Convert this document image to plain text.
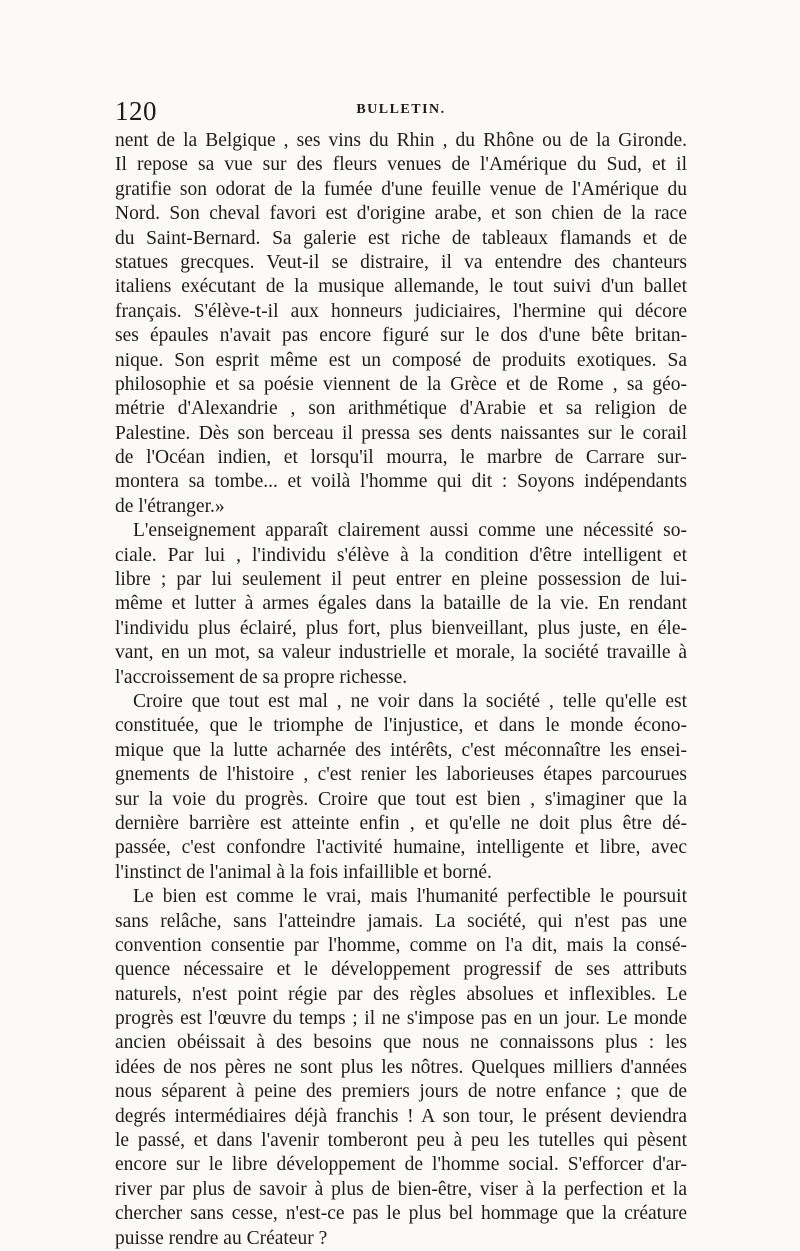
120	BULLETIN.
nent de la Belgique , ses vins du Rhin , du Rhône ou de la Gironde.
Il repose sa vue sur des fleurs venues de l'Amérique du Sud, et il
gratifie son odorat de la fumée d'une feuille venue de l'Amérique du
Nord. Son cheval favori est d'origine arabe, et son chien de la race
du Saint-Bernard. Sa galerie est riche de tableaux flamands et de
statues grecques. Veut-il se distraire, il va entendre des chanteurs
italiens exécutant de la musique allemande, le tout suivi d'un ballet
français. S'élève-t-il aux honneurs judiciaires, l'hermine qui décore
ses épaules n'avait pas encore figuré sur le dos d'une bête britan-
nique. Son esprit même est un composé de produits exotiques. Sa
philosophie et sa poésie viennent de la Grèce et de Rome , sa géo-
métrie d'Alexandrie , son arithmétique d'Arabie et sa religion de
Palestine. Dès son berceau il pressa ses dents naissantes sur le corail
de l'Océan indien, et lorsqu'il mourra, le marbre de Carrare sur-
montera sa tombe... et voilà l'homme qui dit : Soyons indépendants
de l'étranger.»
L'enseignement apparaît clairement aussi comme une nécessité so-
ciale. Par lui , l'individu s'élève à la condition d'être intelligent et
libre ; par lui seulement il peut entrer en pleine possession de lui-
même et lutter à armes égales dans la bataille de la vie. En rendant
l'individu plus éclairé, plus fort, plus bienveillant, plus juste, en éle-
vant, en un mot, sa valeur industrielle et morale, la société travaille à
l'accroissement de sa propre richesse.
Croire que tout est mal , ne voir dans la société , telle qu'elle est
constituée, que le triomphe de l'injustice, et dans le monde écono-
mique que la lutte acharnée des intérêts, c'est méconnaître les ensei-
gnements de l'histoire , c'est renier les laborieuses étapes parcourues
sur la voie du progrès. Croire que tout est bien , s'imaginer que la
dernière barrière est atteinte enfin , et qu'elle ne doit plus être dé-
passée, c'est confondre l'activité humaine, intelligente et libre, avec
l'instinct de l'animal à la fois infaillible et borné.
Le bien est comme le vrai, mais l'humanité perfectible le poursuit
sans relâche, sans l'atteindre jamais. La société, qui n'est pas une
convention consentie par l'homme, comme on l'a dit, mais la consé-
quence nécessaire et le développement progressif de ses attributs
naturels, n'est point régie par des règles absolues et inflexibles. Le
progrès est l'œuvre du temps ; il ne s'impose pas en un jour. Le monde
ancien obéissait à des besoins que nous ne connaissons plus : les
idées de nos pères ne sont plus les nôtres. Quelques milliers d'années
nous séparent à peine des premiers jours de notre enfance ; que de
degrés intermédiaires déjà franchis ! A son tour, le présent deviendra
le passé, et dans l'avenir tomberont peu à peu les tutelles qui pèsent
encore sur le libre développement de l'homme social. S'efforcer d'ar-
river par plus de savoir à plus de bien-être, viser à la perfection et la
chercher sans cesse, n'est-ce pas le plus bel hommage que la créature
puisse rendre au Créateur ?
